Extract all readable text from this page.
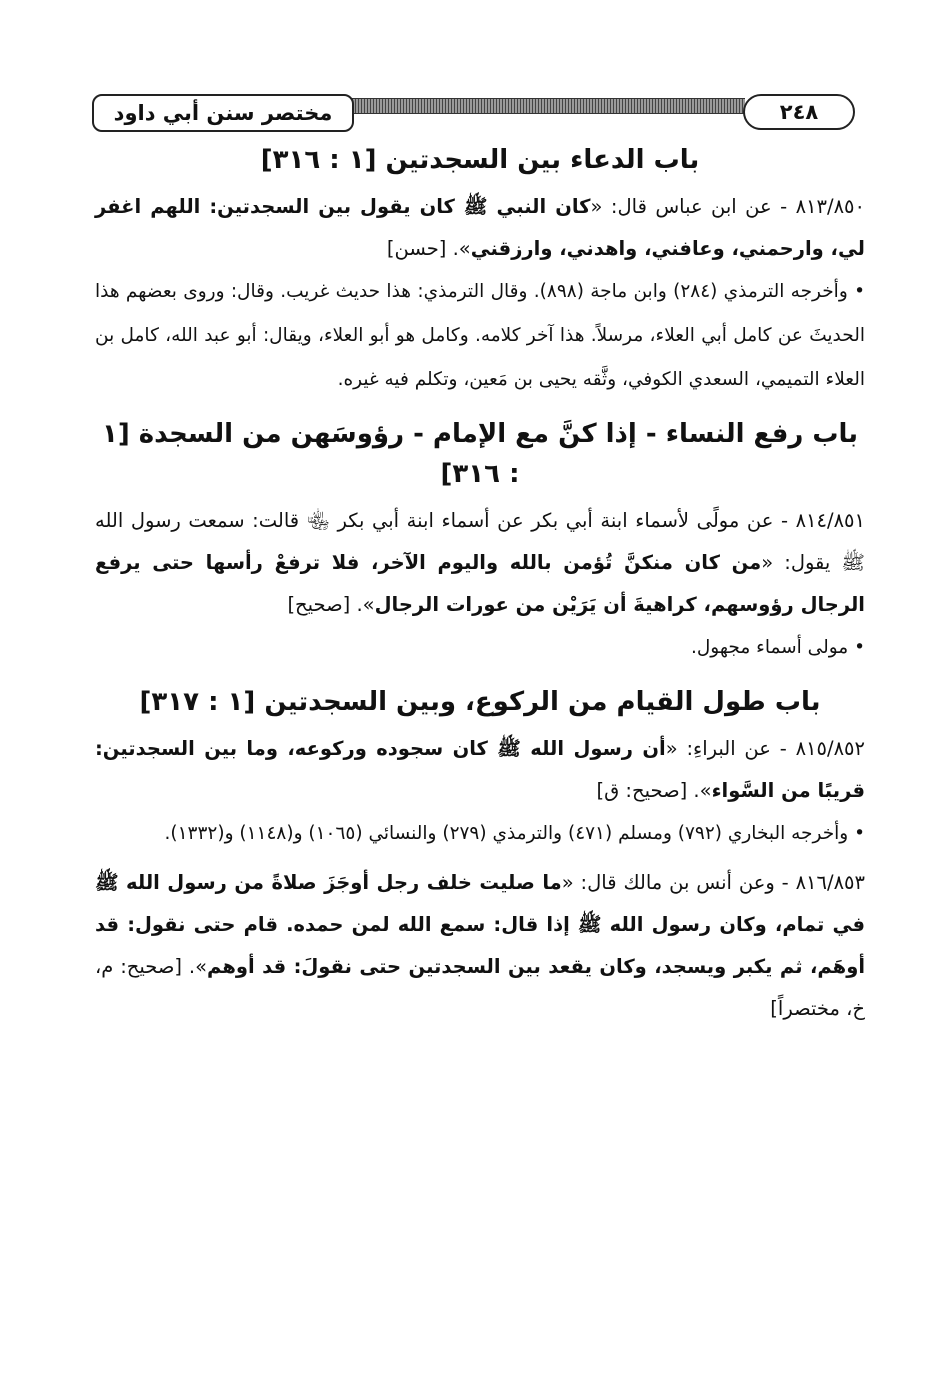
مختصر سنن أبي داود	٢٤٨
باب الدعاء بين السجدتين [١ : ٣١٦]

٨١٣/٨٥٠ - عن ابن عباس قال: «كان النبي ﷺ كان يقول بين السجدتين: اللهم اغفر لي، وارحمني، وعافني، واهدني، وارزقني». [حسن]

• وأخرجه الترمذي (٢٨٤) وابن ماجة (٨٩٨). وقال الترمذي: هذا حديث غريب. وقال: وروى بعضهم هذا الحديثَ عن كامل أبي العلاء، مرسلاً. هذا آخر كلامه. وكامل هو أبو العلاء، ويقال: أبو عبد الله، كامل بن العلاء التميمي، السعدي الكوفي، وثَّقه يحيى بن مَعين، وتكلم فيه غيره.

باب رفع النساء - إذا كنَّ مع الإمام - رؤوسَهن من السجدة [١ : ٣١٦]

٨١٤/٨٥١ - عن مولًى لأسماء ابنة أبي بكر عن أسماء ابنة أبي بكر ﵄ قالت: سمعت رسول الله ﷺ يقول: «من كان منكنَّ تُؤمن بالله واليوم الآخر، فلا ترفعْ رأسها حتى يرفع الرجال رؤوسهم، كراهيةَ أن يَرَيْن من عورات الرجال». [صحيح]

• مولى أسماء مجهول.

باب طول القيام من الركوع، وبين السجدتين [١ : ٣١٧]

٨١٥/٨٥٢ - عن البراءِ: «أن رسول الله ﷺ كان سجوده وركوعه، وما بين السجدتين: قريبًا من السَّواء». [صحيح: ق]

• وأخرجه البخاري (٧٩٢) ومسلم (٤٧١) والترمذي (٢٧٩) والنسائي (١٠٦٥) و(١١٤٨) و(١٣٣٢).

٨١٦/٨٥٣ - وعن أنس بن مالك قال: «ما صليت خلف رجل أوجَزَ صلاةً من رسول الله ﷺ في تمام، وكان رسول الله ﷺ إذا قال: سمع الله لمن حمده. قام حتى نقول: قد أوهَم، ثم يكبر ويسجد، وكان يقعد بين السجدتين حتى نقولَ: قد أوهم». [صحيح: م، خ، مختصراً]
